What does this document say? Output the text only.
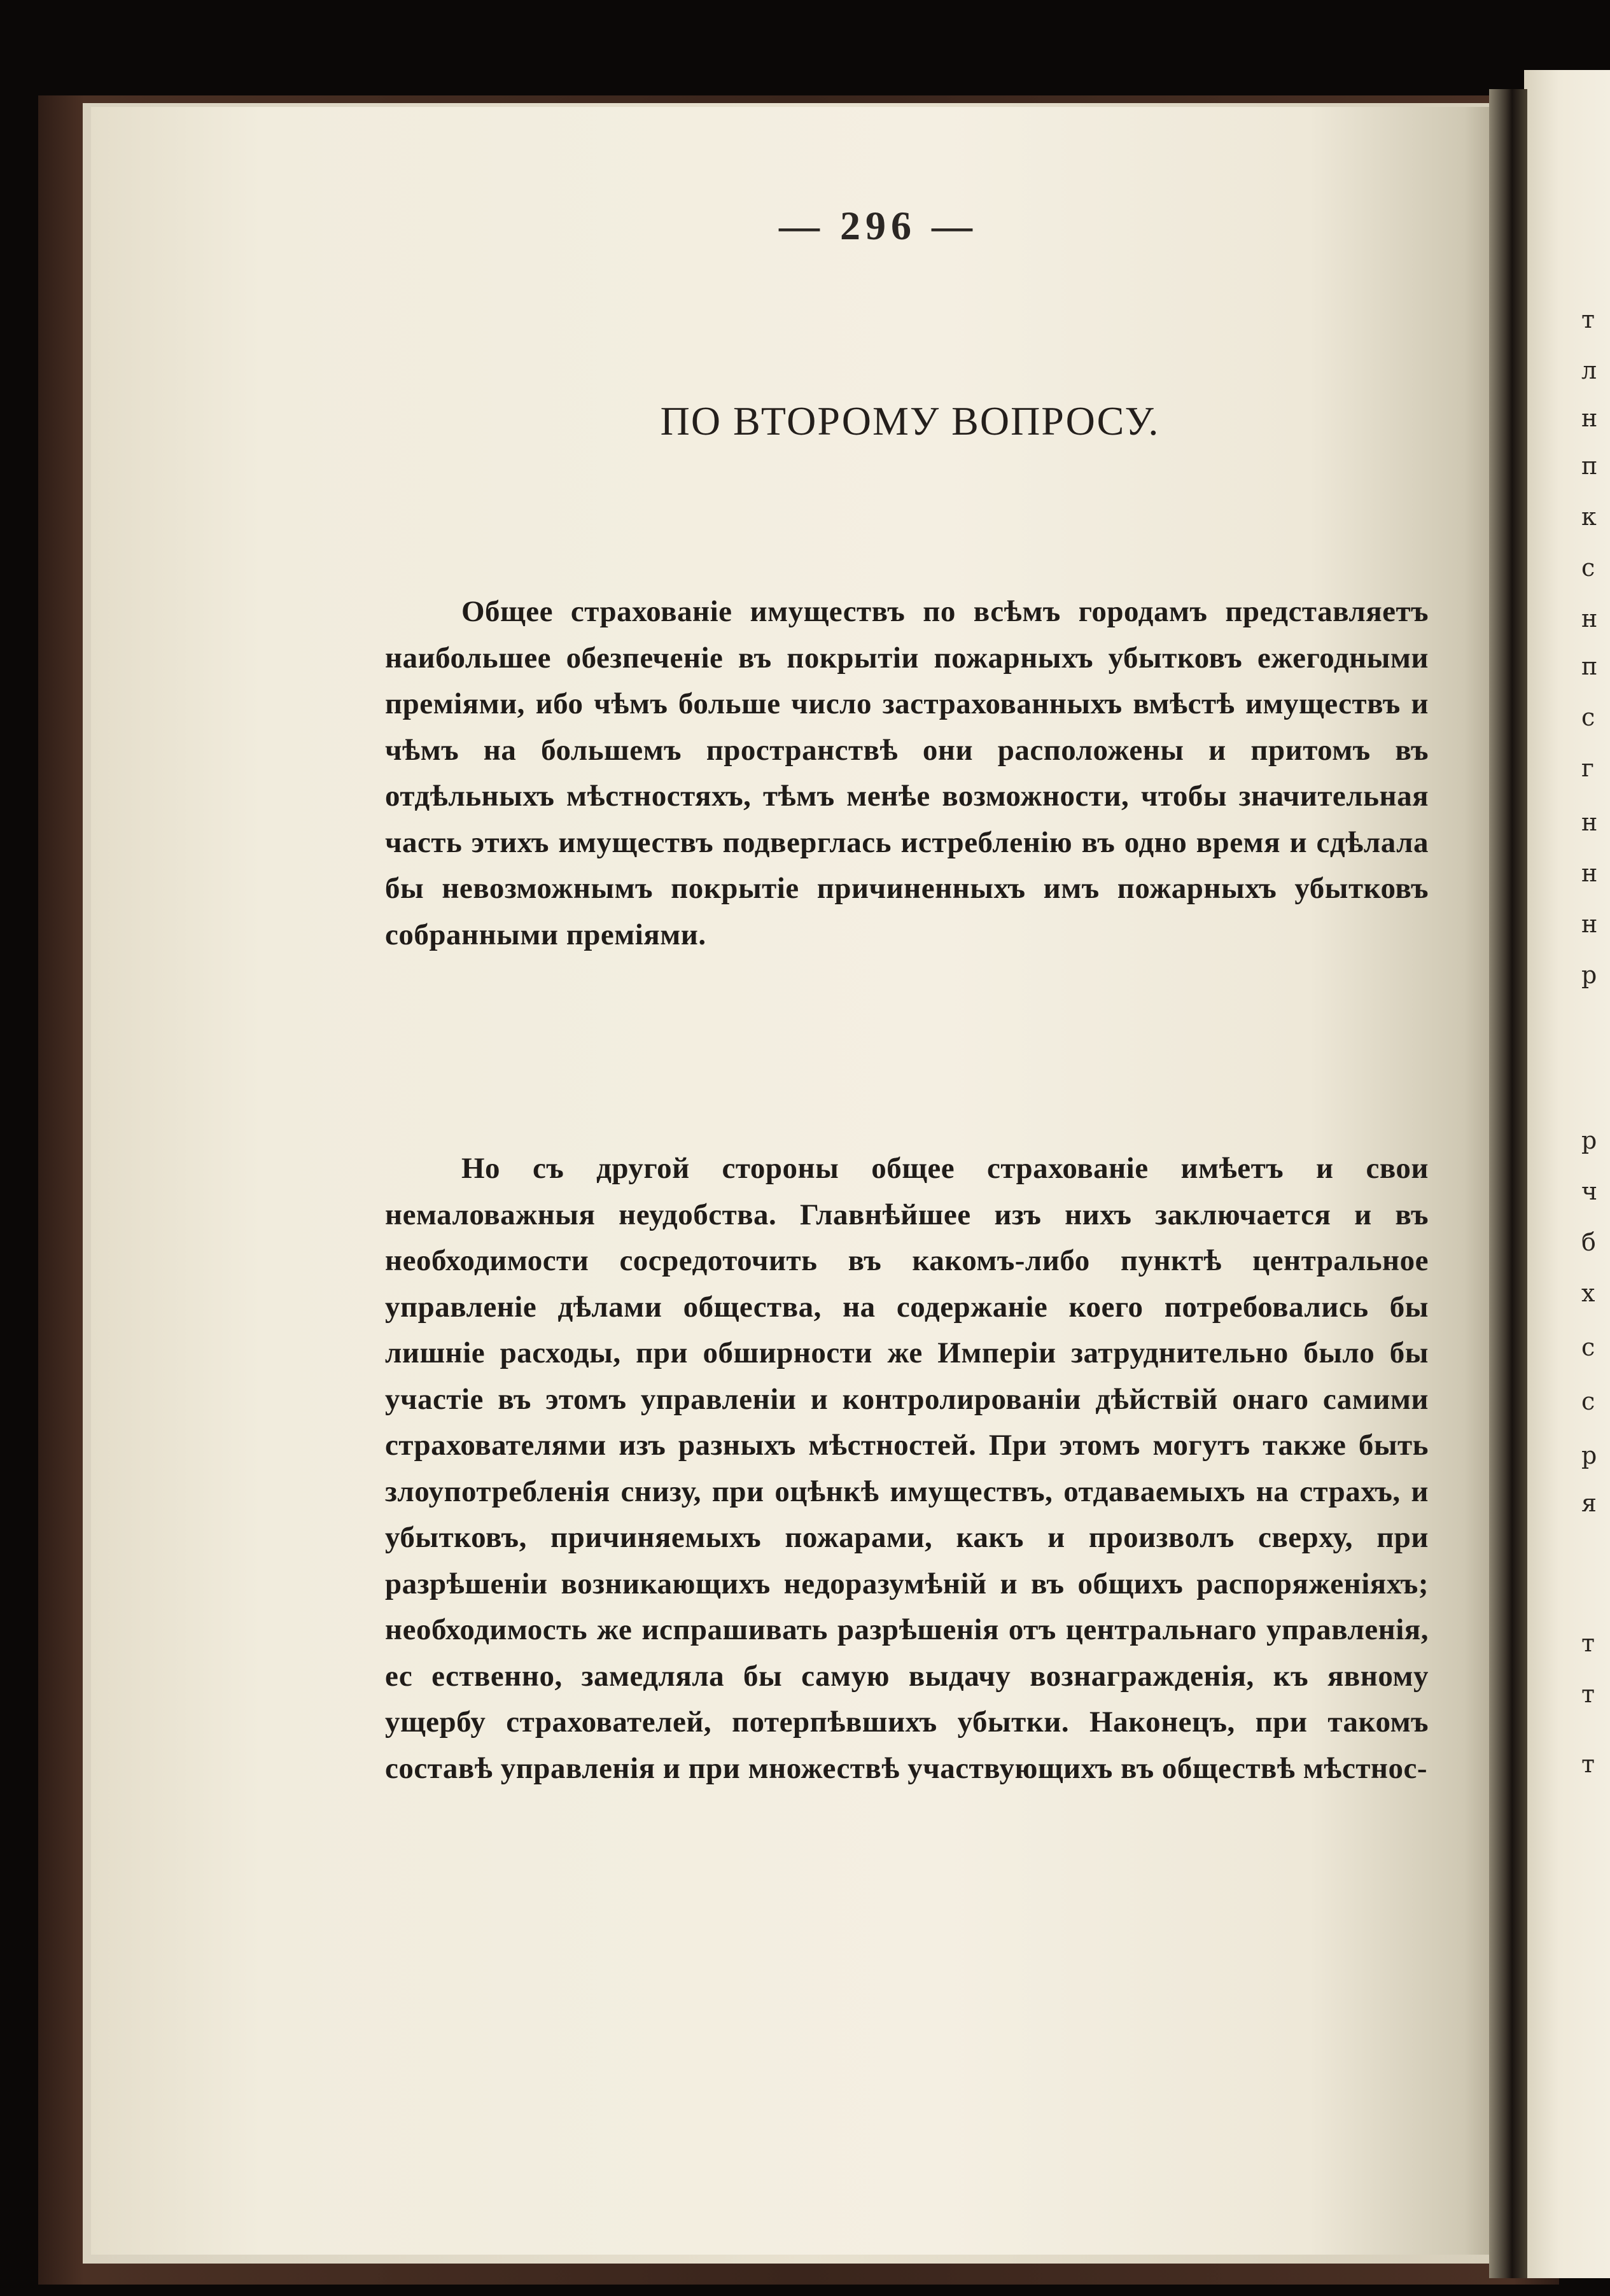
— 296 —
ПО ВТОРОМУ ВОПРОСУ.

Общее страхованіе имуществъ по всѣмъ городамъ представляетъ наибольшее обезпеченіе въ покрытіи пожарныхъ убытковъ ежегодными преміями, ибо чѣмъ больше число застрахованныхъ вмѣстѣ имуществъ и чѣмъ на большемъ пространствѣ они расположены и притомъ въ отдѣльныхъ мѣстностяхъ, тѣмъ менѣе возможности, чтобы значительная часть этихъ имуществъ подверглась истребленію въ одно время и сдѣлала бы невозможнымъ покрытіе причиненныхъ имъ пожарныхъ убытковъ собранными преміями.

Но съ другой стороны общее страхованіе имѣетъ и свои немаловажныя неудобства. Главнѣйшее изъ нихъ заключается и въ необходимости сосредоточить въ какомъ-либо пунктѣ центральное управленіе дѣлами общества, на содержаніе коего потребовались бы лишніе расходы, при обширности же Имперіи затруднительно было бы участіе въ этомъ управленіи и контролированіи дѣйствій онаго самими страхователями изъ разныхъ мѣстностей. При этомъ могутъ также быть злоупотребленія снизу, при оцѣнкѣ имуществъ, отдаваемыхъ на страхъ, и убытковъ, причиняемыхъ пожарами, какъ и произволъ сверху, при разрѣшеніи возникающихъ недоразумѣній и въ общихъ распоряженіяхъ; необходимость же испрашивать разрѣшенія отъ центральнаго управленія, ес ественно, замедляла бы самую выдачу вознагражденія, къ явному ущербу страхователей, потерпѣвшихъ убытки. Наконецъ, при такомъ составѣ управленія и при множествѣ участвующихъ въ обществѣ мѣстнос-

т
л
н
п
к
с
н
п
с
г
н
н
н
р
р
ч
б
х
с
с
р
я
т
т
т
